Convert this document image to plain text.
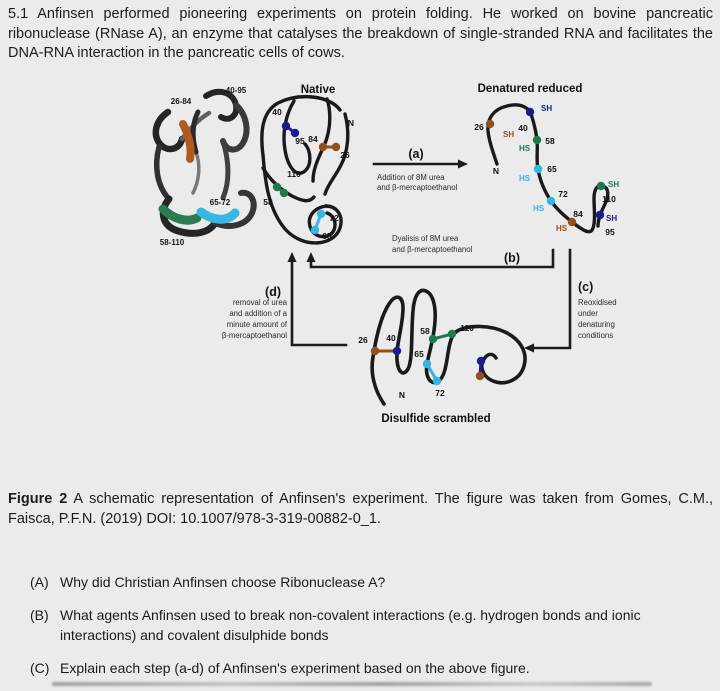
5.1 Anfinsen performed pioneering experiments on protein folding. He worked on bovine pancreatic ribonuclease (RNase A), an enzyme that catalyses the breakdown of single-stranded RNA and facilitates the DNA-RNA interaction in the pancreatic cells of cows.

26-84
40-95
65-72
58-110
Native
40
95 84
26
110
58
72
65
N
(a)
Addition of 8M urea
and β-mercaptoethanol
Denatured reduced
26	40
58
65
72
84
110
95
N
SH
SH
HS
HS
HS
HS
SH
SH
Dyalisis of 8M urea
and β-mercaptoethanol
(b)
(c)
Reoxidised
under
denaturing
conditions
(d)
removal of urea
and addition of a
minute amount of
β-mercaptoethanol	26 40
58	110
65
72
N
Disulfide scrambled

Figure 2 A schematic representation of Anfinsen's experiment. The figure was taken from Gomes, C.M., Faisca, P.F.N. (2019) DOI: 10.1007/978-3-319-00882-0_1.

(A) Why did Christian Anfinsen choose Ribonuclease A?
(B) What agents Anfinsen used to break non-covalent interactions (e.g. hydrogen bonds and ionic interactions) and covalent disulphide bonds
(C) Explain each step (a-d) of Anfinsen's experiment based on the above figure.
